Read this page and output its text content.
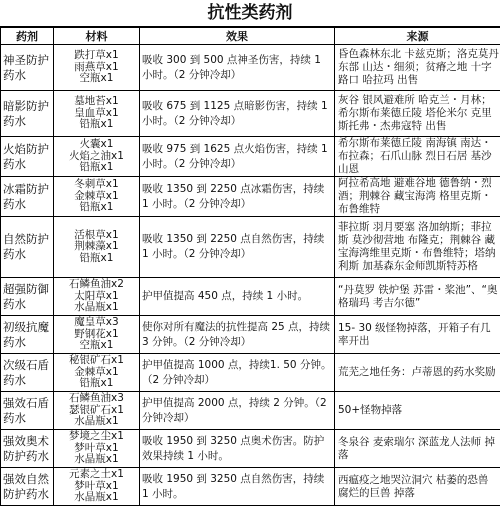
抗性类药剂
药剂	材料	效果	来源
神圣防护药水	跌打草x1
雨燕草x1
空瓶x1	吸收 300 到 500 点神圣伤害，持续 1 小时。（2 分钟冷却）	昏色森林东北 卡兹克斯；洛克莫丹东部 山达・细须；贫瘠之地 十字路口 哈拉玛 出售
暗影防护药水	墓地苔x1
皇血草x1
铅瓶x1	吸收 675 到 1125 点暗影伤害，持续 1 小时。（2 分钟冷却）	灰谷 银风避难所 哈克兰・月林；希尔斯布莱德丘陵 塔伦米尔 克里斯托弗・杰弗寇特 出售
火焰防护药水	火囊x1
火焰之油x1
铅瓶x1	吸收 975 到 1625 点火焰伤害，持续 1 小时。（2 分钟冷却）	希尔斯布莱德丘陵 南海镇 南达・布拉森；石爪山脉 烈日石居 基沙山恩
冰霜防护药水	冬刺草x1
金棘草x1
铅瓶x1	吸收 1350 到 2250 点冰霜伤害，持续 1 小时。（2 分钟冷却）	阿拉希高地 避难谷地 德鲁纳・烈酒；荆棘谷 藏宝海湾 格里克斯・布鲁维特
自然防护药水	活根草x1
荆棘藻x1
铅瓶x1	吸收 1350 到 2250 点自然伤害，持续 1 小时。（2 分钟冷却）	菲拉斯 羽月要塞 洛加纳斯；菲拉斯 莫沙彻营地 布隆克；荆棘谷 藏宝海湾维里克斯・布鲁维特；塔纳利斯 加基森东金师凯斯特苏格
超强防御药水	石鳞鱼油x2
太阳草x1
水晶瓶x1	护甲值提高 450 点，持续 1 小时。	“丹莫罗 铁炉堡 苏雷・桨池”、“奥格瑞玛 考吉尔德”
初级抗魔药水	魔皇草x3
野钢花x1
空瓶x1	使你对所有魔法的抗性提高 25 点，持续 3 分钟。（2 分钟冷却）	15- 30 级怪物掉落，开箱子有几率开出
次级石盾药水	秘银矿石x1
金棘草x1
铅瓶x1	护甲值提高 1000 点，持续1. 50 分钟。（2 分钟冷却）	荒芜之地任务：卢蒂恩的药水奖励
强效石盾药水	石鳞鱼油x3
瑟银矿石x1
水晶瓶x1	护甲值提高 2000 点，持续 2 分钟。（2 分钟冷却）	50+怪物掉落
强效奥术防护药水	梦境之尘x1
梦叶草x1
水晶瓶x1	吸收 1950 到 3250 点奥术伤害。防护效果持续 1 小时。	冬泉谷 麦索瑞尔 深蓝龙人法师 掉落
强效自然防护药水	元素之土x1
梦叶草x1
水晶瓶x1	吸收 1950 到 3250 点自然伤害，持续 1 小时。	西瘟疫之地哭泣洞穴 枯萎的恐兽 腐烂的巨兽 掉落
